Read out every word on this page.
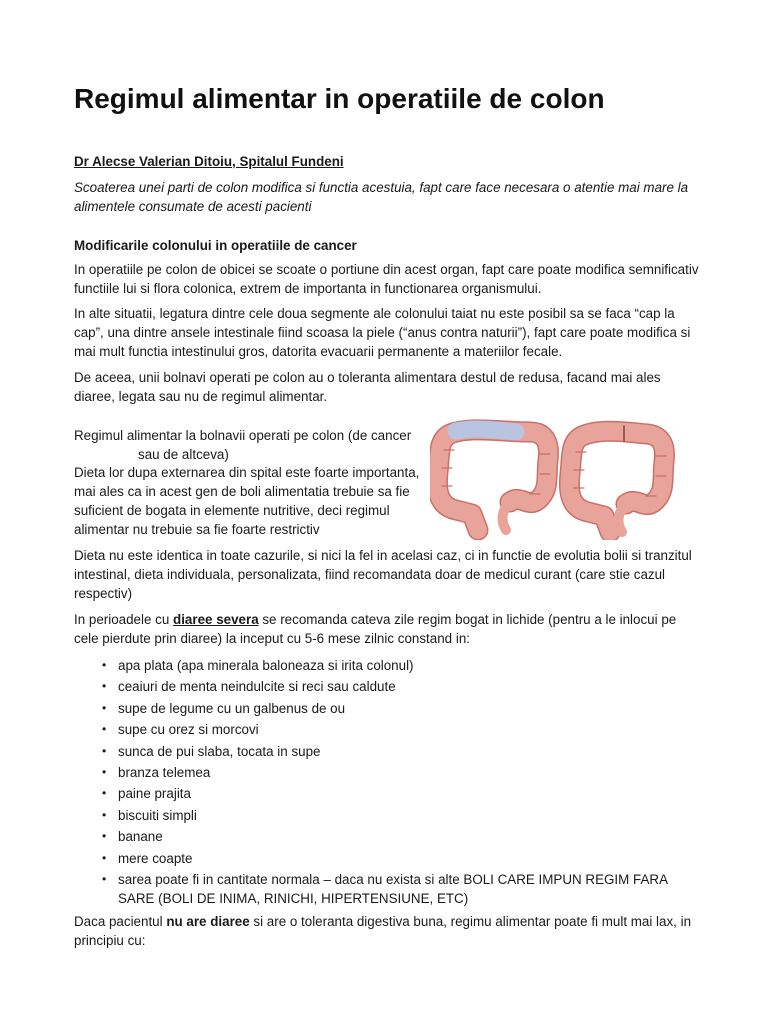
Regimul alimentar in operatiile de colon

Dr Alecse Valerian Ditoiu, Spitalul Fundeni

Scoaterea unei parti de colon modifica si functia acestuia, fapt care face necesara o atentie mai mare la alimentele consumate de acesti pacienti

Modificarile colonului in operatiile de cancer

In operatiile pe colon de obicei se scoate o portiune din acest organ, fapt care poate modifica semnificativ functiile lui si flora colonica, extrem de importanta in functionarea organismului.

In alte situatii, legatura dintre cele doua segmente ale colonului taiat nu este posibil sa se faca “cap la cap”, una dintre ansele intestinale fiind scoasa la piele (“anus contra naturii”), fapt care poate modifica si mai mult functia intestinului gros, datorita evacuarii permanente a materiilor fecale.

De aceea, unii bolnavi operati pe colon au o toleranta alimentara destul de redusa, facand mai ales diaree, legata sau nu de regimul alimentar.

Regimul alimentar la bolnavii operati pe colon (de cancer
sau de altceva)

Dieta lor dupa externarea din spital este foarte importanta, mai ales ca in acest gen de boli alimentatia trebuie sa fie suficient de bogata in elemente nutritive, deci regimul alimentar nu trebuie sa fie foarte restrictiv

Dieta nu este identica in toate cazurile, si nici la fel in acelasi caz, ci in functie de evolutia bolii si tranzitul intestinal, dieta individuala, personalizata, fiind recomandata doar de medicul curant (care stie cazul respectiv)

In perioadele cu diaree severa se recomanda cateva zile regim bogat in lichide (pentru a le inlocui pe cele pierdute prin diaree) la inceput cu 5-6 mese zilnic constand in:

• apa plata (apa minerala baloneaza si irita colonul)
• ceaiuri de menta neindulcite si reci sau caldute
• supe de legume cu un galbenus de ou
• supe cu orez si morcovi
• sunca de pui slaba, tocata in supe
• branza telemea
• paine prajita
• biscuiti simpli
• banane
• mere coapte
• sarea poate fi in cantitate normala – daca nu exista si alte BOLI CARE IMPUN REGIM FARA SARE (BOLI DE INIMA, RINICHI, HIPERTENSIUNE, ETC)

Daca pacientul nu are diaree si are o toleranta digestiva buna, regimu alimentar poate fi mult mai lax, in principiu cu:
